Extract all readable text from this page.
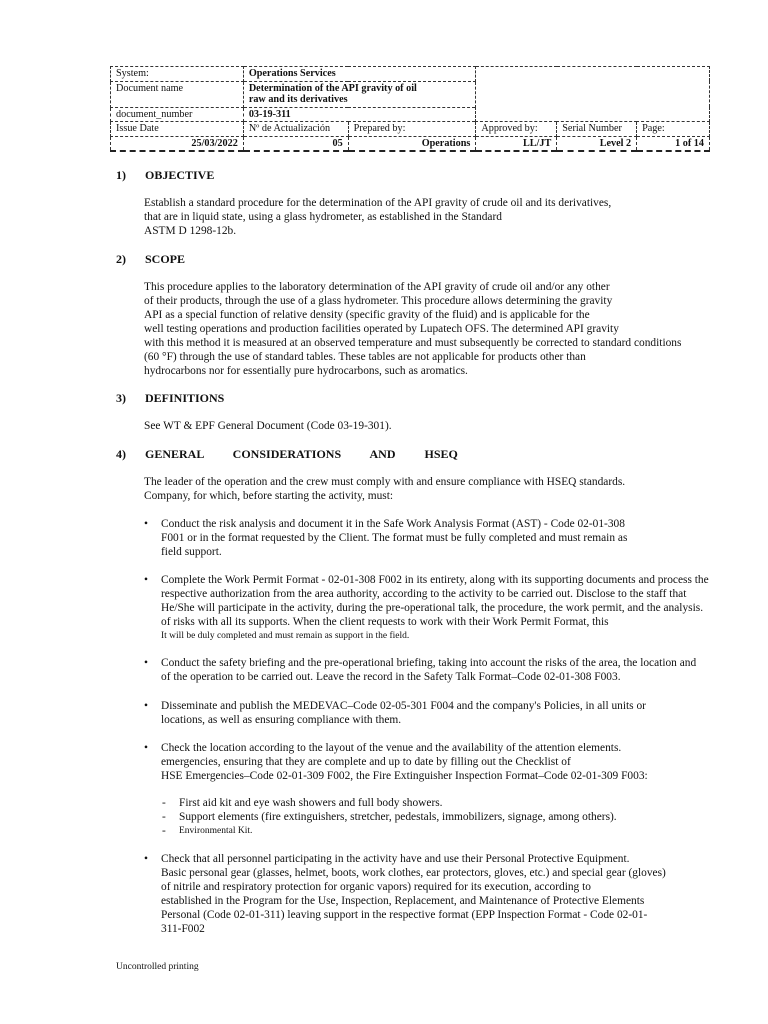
System:	Operations Services				
Document name	Determination of the API gravity of oil
raw and its derivatives				
document_number	03-19-311				
Issue Date	Nº de Actualización	Prepared by:	Approved by:	Serial Number	Page:
25/03/2022	05	Operations	LL/JT	Level 2	1 of 14
1) OBJECTIVE
Establish a standard procedure for the determination of the API gravity of crude oil and its derivatives,
that are in liquid state, using a glass hydrometer, as established in the Standard
ASTM D 1298-12b.
2) SCOPE
This procedure applies to the laboratory determination of the API gravity of crude oil and/or any other
of their products, through the use of a glass hydrometer. This procedure allows determining the gravity
API as a special function of relative density (specific gravity of the fluid) and is applicable for the
well testing operations and production facilities operated by Lupatech OFS. The determined API gravity
with this method it is measured at an observed temperature and must subsequently be corrected to standard conditions
(60 °F) through the use of standard tables. These tables are not applicable for products other than
hydrocarbons nor for essentially pure hydrocarbons, such as aromatics.
3) DEFINITIONS
See WT & EPF General Document (Code 03-19-301).
4) GENERAL CONSIDERATIONS AND HSEQ
The leader of the operation and the crew must comply with and ensure compliance with HSEQ standards.
Company, for which, before starting the activity, must:
• Conduct the risk analysis and document it in the Safe Work Analysis Format (AST) - Code 02-01-308
F001 or in the format requested by the Client. The format must be fully completed and must remain as
field support.
• Complete the Work Permit Format - 02-01-308 F002 in its entirety, along with its supporting documents and process the
respective authorization from the area authority, according to the activity to be carried out. Disclose to the staff that
He/She will participate in the activity, during the pre-operational talk, the procedure, the work permit, and the analysis.
of risks with all its supports. When the client requests to work with their Work Permit Format, this
It will be duly completed and must remain as support in the field.
• Conduct the safety briefing and the pre-operational briefing, taking into account the risks of the area, the location and
of the operation to be carried out. Leave the record in the Safety Talk Format–Code 02-01-308 F003.
• Disseminate and publish the MEDEVAC–Code 02-05-301 F004 and the company's Policies, in all units or
locations, as well as ensuring compliance with them.
• Check the location according to the layout of the venue and the availability of the attention elements.
emergencies, ensuring that they are complete and up to date by filling out the Checklist of
HSE Emergencies–Code 02-01-309 F002, the Fire Extinguisher Inspection Format–Code 02-01-309 F003:
- First aid kit and eye wash showers and full body showers.
- Support elements (fire extinguishers, stretcher, pedestals, immobilizers, signage, among others).
- Environmental Kit.
• Check that all personnel participating in the activity have and use their Personal Protective Equipment.
Basic personal gear (glasses, helmet, boots, work clothes, ear protectors, gloves, etc.) and special gear (gloves)
of nitrile and respiratory protection for organic vapors) required for its execution, according to
established in the Program for the Use, Inspection, Replacement, and Maintenance of Protective Elements
Personal (Code 02-01-311) leaving support in the respective format (EPP Inspection Format - Code 02-01-
311-F002
Uncontrolled printing
